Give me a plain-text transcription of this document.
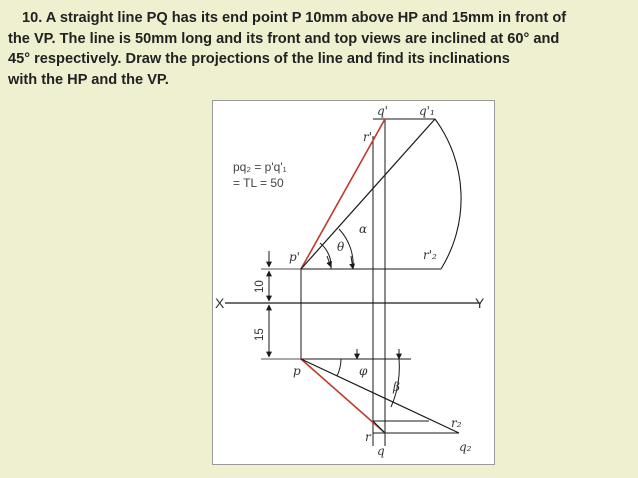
10. A straight line PQ has its end point P 10mm above HP and 15mm in front of
the VP. The line is 50mm long and its front and top views are inclined at 60° and
45° respectively. Draw the projections of the line and find its inclinations
with the HP and the VP.
q'	q'₁
r'
r'₂
p'
p
r
q
r₂
q₂
X	Y
α
θ
φ
β
pq₂ = p'q'₁
= TL = 50
10
15
